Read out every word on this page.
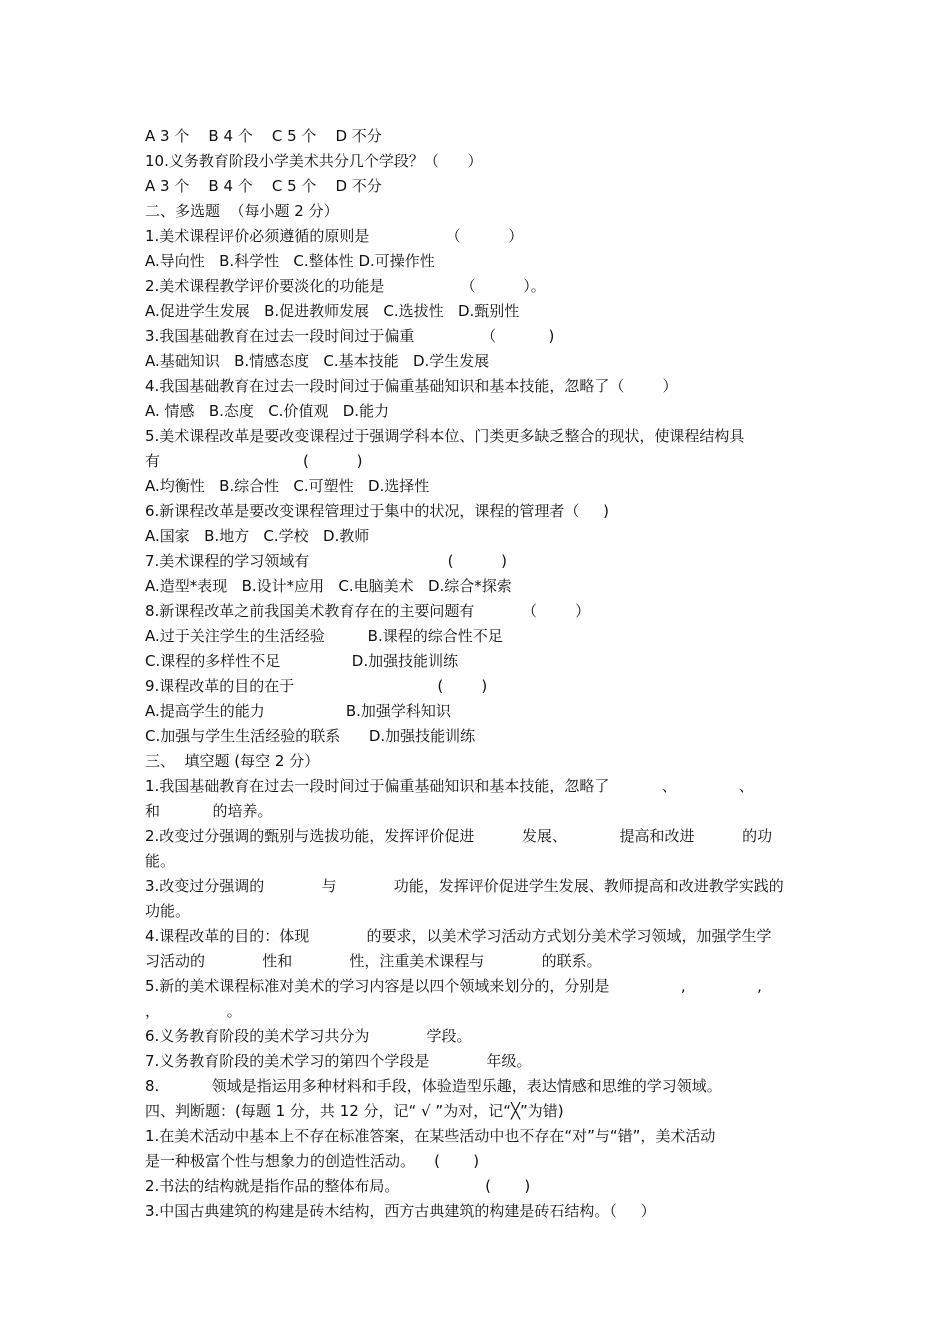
A 3 个    B 4 个    C 5 个    D 不分
10.义务教育阶段小学美术共分几个学段？（      ）
A 3 个    B 4 个    C 5 个    D 不分
二、多选题  （每小题 2 分）
1.美术课程评价必须遵循的原则是                （          ）
A.导向性   B.科学性   C.整体性 D.可操作性
2.美术课程教学评价要淡化的功能是                （          ）。
A.促进学生发展   B.促进教师发展   C.选拔性   D.甄别性
3.我国基础教育在过去一段时间过于偏重              （           )
A.基础知识   B.情感态度   C.基本技能   D.学生发展
4.我国基础教育在过去一段时间过于偏重基础知识和基本技能，忽略了（        ）
A. 情感   B.态度   C.价值观   D.能力
5.美术课程改革是要改变课程过于强调学科本位、门类更多缺乏整合的现状，使课程结构具
有                              (          )
A.均衡性   B.综合性   C.可塑性   D.选择性
6.新课程改革是要改变课程管理过于集中的状况，课程的管理者（     )
A.国家   B.地方   C.学校   D.教师
7.美术课程的学习领域有                             (          )
A.造型*表现   B.设计*应用   C.电脑美术   D.综合*探索
8.新课程改革之前我国美术教育存在的主要问题有          （        ）
A.过于关注学生的生活经验         B.课程的综合性不足
C.课程的多样性不足               D.加强技能训练
9.课程改革的目的在于                              (        )
A.提高学生的能力                 B.加强学科知识
C.加强与学生生活经验的联系      D.加强技能训练
三、  填空题 (每空 2 分）
1.我国基础教育在过去一段时间过于偏重基础知识和基本技能，忽略了           、             、
和           的培养。
2.改变过分强调的甄别与选拔功能，发挥评价促进          发展、           提高和改进          的功
能。
3.改变过分强调的            与            功能，发挥评价促进学生发展、教师提高和改进教学实践的
功能。
4.课程改革的目的：体现            的要求，以美术学习活动方式划分美术学习领域，加强学生学
习活动的            性和            性，注重美术课程与            的联系。
5.新的美术课程标准对美术的学习内容是以四个领域来划分的，分别是               ,               ,
，              。
6.义务教育阶段的美术学习共分为            学段。
7.义务教育阶段的美术学习的第四个学段是            年级。
8.           领域是指运用多种材料和手段，体验造型乐趣，表达情感和思维的学习领域。
四、判断题：(每题 1 分，共 12 分，记“ √ ”为对，记“╳”为错)
1.在美术活动中基本上不存在标准答案，在某些活动中也不存在“对”与“错”，美术活动
是一种极富个性与想象力的创造性活动。    (       )
2.书法的结构就是指作品的整体布局。                  (       )
3.中国古典建筑的构建是砖木结构，西方古典建筑的构建是砖石结构。（     ）
